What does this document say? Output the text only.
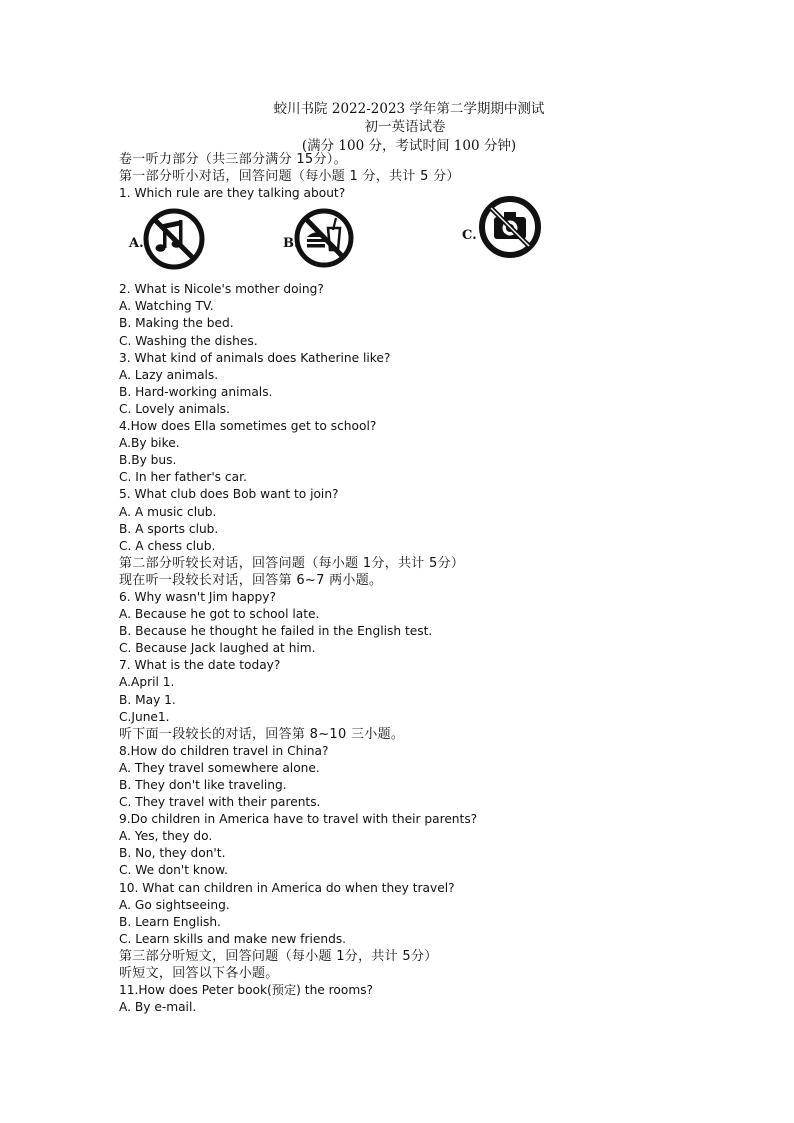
蛟川书院 2022-2023 学年第二学期期中测试
初一英语试卷
(满分 100 分，考试时间 100 分钟)
卷一听力部分（共三部分满分 15分）。
第一部分听小对话，回答问题（每小题 1 分，共计 5 分）
1. Which rule are they talking about?
A.	B.
C.
2. What is Nicole's mother doing?
A. Watching TV.
B. Making the bed.
C. Washing the dishes.
3. What kind of animals does Katherine like?
A. Lazy animals.
B. Hard-working animals.
C. Lovely animals.
4.How does Ella sometimes get to school?
A.By bike.
B.By bus.
C. In her father's car.
5. What club does Bob want to join?
A. A music club.
B. A sports club.
C. A chess club.
第二部分听较长对话，回答问题（每小题 1分，共计 5分）
现在听一段较长对话，回答第 6~7 两小题。
6. Why wasn't Jim happy?
A. Because he got to school late.
B. Because he thought he failed in the English test.
C. Because Jack laughed at him.
7. What is the date today?
A.April 1.
B. May 1.
C.June1.
听下面一段较长的对话，回答第 8~10 三小题。
8.How do children travel in China?
A. They travel somewhere alone.
B. They don't like traveling.
C. They travel with their parents.
9.Do children in America have to travel with their parents?
A. Yes, they do.
B. No, they don't.
C. We don't know.
10. What can children in America do when they travel?
A. Go sightseeing.
B. Learn English.
C. Learn skills and make new friends.
第三部分听短文，回答问题（每小题 1分，共计 5分）
听短文，回答以下各小题。
11.How does Peter book(预定) the rooms?
A. By e-mail.
